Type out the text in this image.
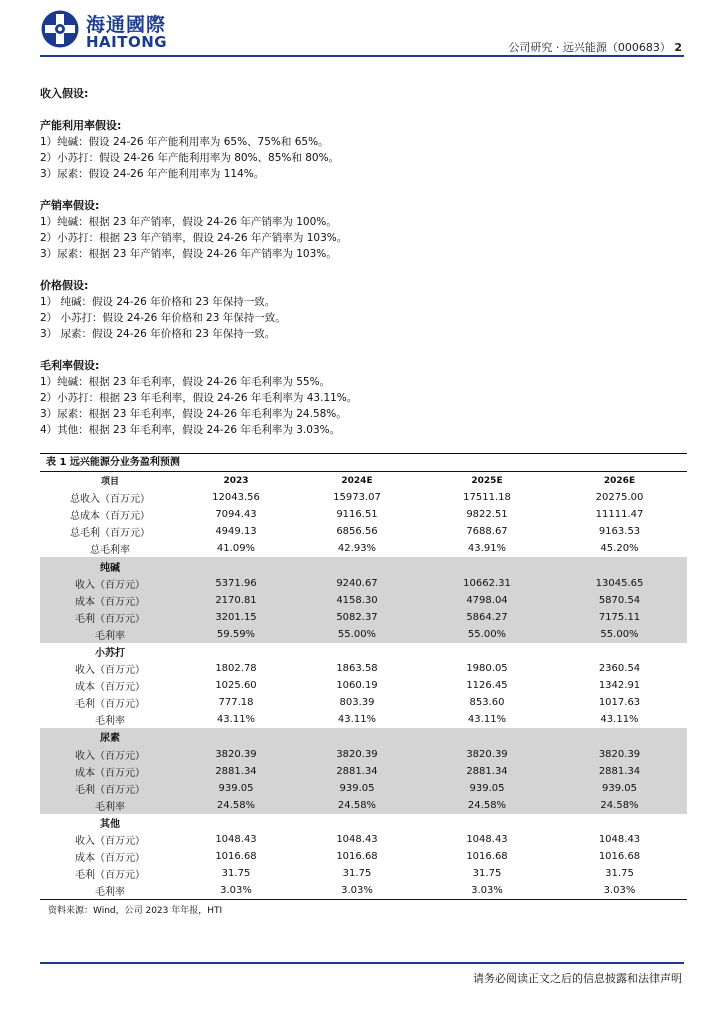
海通國際
HAITONG	公司研究 · 远兴能源（000683） 2
收入假设:
产能利用率假设:
1）纯碱：假设 24-26 年产能利用率为 65%、75%和 65%。
2）小苏打：假设 24-26 年产能利用率为 80%、85%和 80%。
3）尿素：假设 24-26 年产能利用率为 114%。
产销率假设:
1）纯碱：根据 23 年产销率，假设 24-26 年产销率为 100%。
2）小苏打：根据 23 年产销率，假设 24-26 年产销率为 103%。
3）尿素：根据 23 年产销率，假设 24-26 年产销率为 103%。
价格假设:
1） 纯碱：假设 24-26 年价格和 23 年保持一致。
2） 小苏打：假设 24-26 年价格和 23 年保持一致。
3） 尿素：假设 24-26 年价格和 23 年保持一致。
毛利率假设:
1）纯碱：根据 23 年毛利率，假设 24-26 年毛利率为 55%。
2）小苏打：根据 23 年毛利率，假设 24-26 年毛利率为 43.11%。
3）尿素：根据 23 年毛利率，假设 24-26 年毛利率为 24.58%。
4）其他：根据 23 年毛利率，假设 24-26 年毛利率为 3.03%。
表 1 远兴能源分业务盈利预测
项目	2023	2024E	2025E	2026E
总收入（百万元）	12043.56	15973.07	17511.18	20275.00
总成本（百万元）	7094.43	9116.51	9822.51	11111.47
总毛利（百万元）	4949.13	6856.56	7688.67	9163.53
总毛利率	41.09%	42.93%	43.91%	45.20%
纯碱				
收入（百万元）	5371.96	9240.67	10662.31	13045.65
成本（百万元）	2170.81	4158.30	4798.04	5870.54
毛利（百万元）	3201.15	5082.37	5864.27	7175.11
毛利率	59.59%	55.00%	55.00%	55.00%
小苏打				
收入（百万元）	1802.78	1863.58	1980.05	2360.54
成本（百万元）	1025.60	1060.19	1126.45	1342.91
毛利（百万元）	777.18	803.39	853.60	1017.63
毛利率	43.11%	43.11%	43.11%	43.11%
尿素				
收入（百万元）	3820.39	3820.39	3820.39	3820.39
成本（百万元）	2881.34	2881.34	2881.34	2881.34
毛利（百万元）	939.05	939.05	939.05	939.05
毛利率	24.58%	24.58%	24.58%	24.58%
其他				
收入（百万元）	1048.43	1048.43	1048.43	1048.43
成本（百万元）	1016.68	1016.68	1016.68	1016.68
毛利（百万元）	31.75	31.75	31.75	31.75
毛利率	3.03%	3.03%	3.03%	3.03%
资料来源：Wind，公司 2023 年年报，HTI
请务必阅读正文之后的信息披露和法律声明
